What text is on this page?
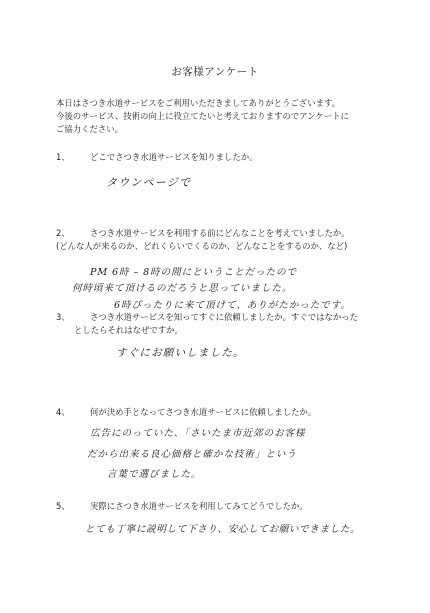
お客様アンケート
本日はさつき水道サービスをご利用いただきましてありがとうございます。
今後のサービス、技術の向上に役立てたいと考えておりますのでアンケートに
ご協力ください。
1、 どこでさつき水道サービスを知りましたか。
タウンページで
2、 さつき水道サービスを利用する前にどんなことを考えていましたか。
(どんな人が来るのか、どれくらいでくるのか、どんなことをするのか、など)
PM 6時 – 8時の間にということだったので
何時頃来て頂けるのだろうと思っていました。
6時ぴったりに来て頂けて、ありがたかったです。
3、 さつき水道サービスを知ってすぐに依頼しましたか。すぐではなかった
としたらそれはなぜですか。
すぐにお願いしました。
4、 何が決め手となってさつき水道サービスに依頼しましたか。
広告にのっていた、「さいたま市近郊のお客様
だから出来る良心価格と確かな技術」という
言葉で選びました。
5、 実際にさつき水道サービスを利用してみてどうでしたか。
とても丁寧に説明して下さり、安心してお願いできました。
